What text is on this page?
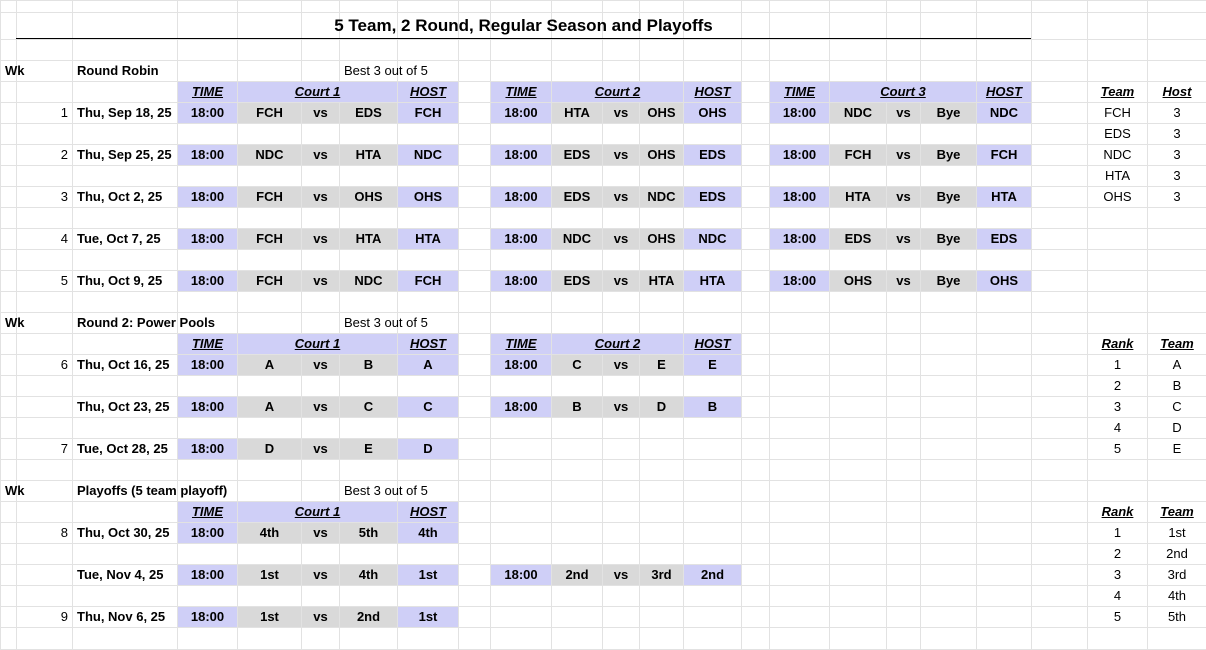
5 Team, 2 Round, Regular Season and Playoffs
Wk	Round Robin	Best 3 out of 5
TIME	Court 1	HOST	TIME	Court 2	HOST	TIME	Court 3	HOST
1 Thu, Sep 18, 25	18:00	FCH	vs	EDS	FCH	18:00	HTA	vs	OHS	OHS	18:00	NDC	vs	Bye	NDC
2 Thu, Sep 25, 25	18:00	NDC	vs	HTA	NDC	18:00	EDS	vs	OHS	EDS	18:00	FCH	vs	Bye	FCH
3 Thu, Oct 2, 25	18:00	FCH	vs	OHS	OHS	18:00	EDS	vs	NDC	EDS	18:00	HTA	vs	Bye	HTA
4 Tue, Oct 7, 25	18:00	FCH	vs	HTA	HTA	18:00	NDC	vs	OHS	NDC	18:00	EDS	vs	Bye	EDS
5 Thu, Oct 9, 25	18:00	FCH	vs	NDC	FCH	18:00	EDS	vs	HTA	HTA	18:00	OHS	vs	Bye	OHS
Team	Host
FCH	3
EDS	3
NDC	3
HTA	3
OHS	3
Wk	Round 2: Power Pools	Best 3 out of 5
TIME	Court 1	HOST	TIME	Court 2	HOST
6 Thu, Oct 16, 25	18:00	A	vs	B	A	18:00	C	vs	E	E
Thu, Oct 23, 25	18:00	A	vs	C	C	18:00	B	vs	D	B
7 Tue, Oct 28, 25	18:00	D	vs	E	D
Rank	Team
1	A
2	B
3	C
4	D
5	E
Wk	Playoffs (5 team playoff)	Best 3 out of 5
TIME	Court 1	HOST
8 Thu, Oct 30, 25	18:00	4th	vs	5th	4th
Tue, Nov 4, 25	18:00	1st	vs	4th	1st	18:00	2nd	vs	3rd	2nd
9 Thu, Nov 6, 25	18:00	1st	vs	2nd	1st
Rank	Team
1	1st
2	2nd
3	3rd
4	4th
5	5th
